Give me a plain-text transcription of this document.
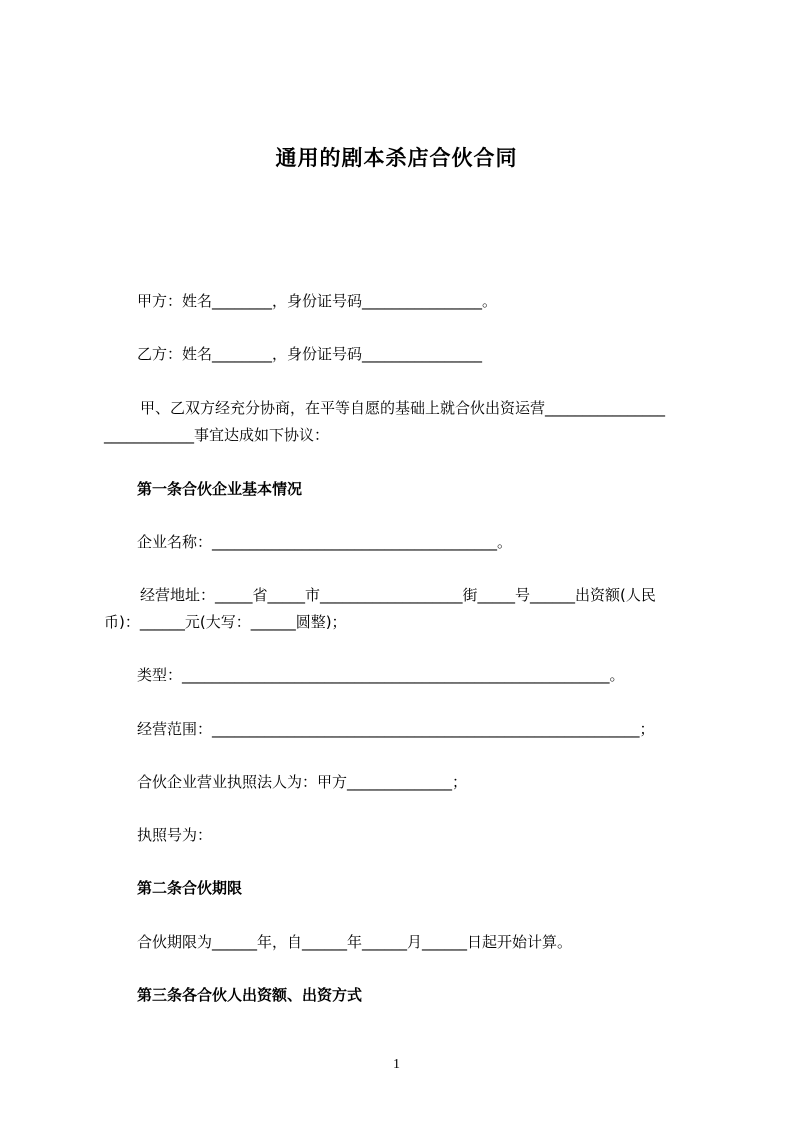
通用的剧本杀店合伙合同
甲方：姓名________，身份证号码________________。
乙方：姓名________，身份证号码________________
甲、乙双方经充分协商，在平等自愿的基础上就合伙出资运营________________
____________事宜达成如下协议：
第一条合伙企业基本情况
企业名称：______________________________________。
经营地址：_____省_____市___________________街_____号______出资额(人民
币)：______元(大写：______圆整)；
类型：_________________________________________________________。
经营范围：_________________________________________________________；
合伙企业营业执照法人为：甲方______________；
执照号为：
第二条合伙期限
合伙期限为______年，自______年______月______日起开始计算。
第三条各合伙人出资额、出资方式
1
